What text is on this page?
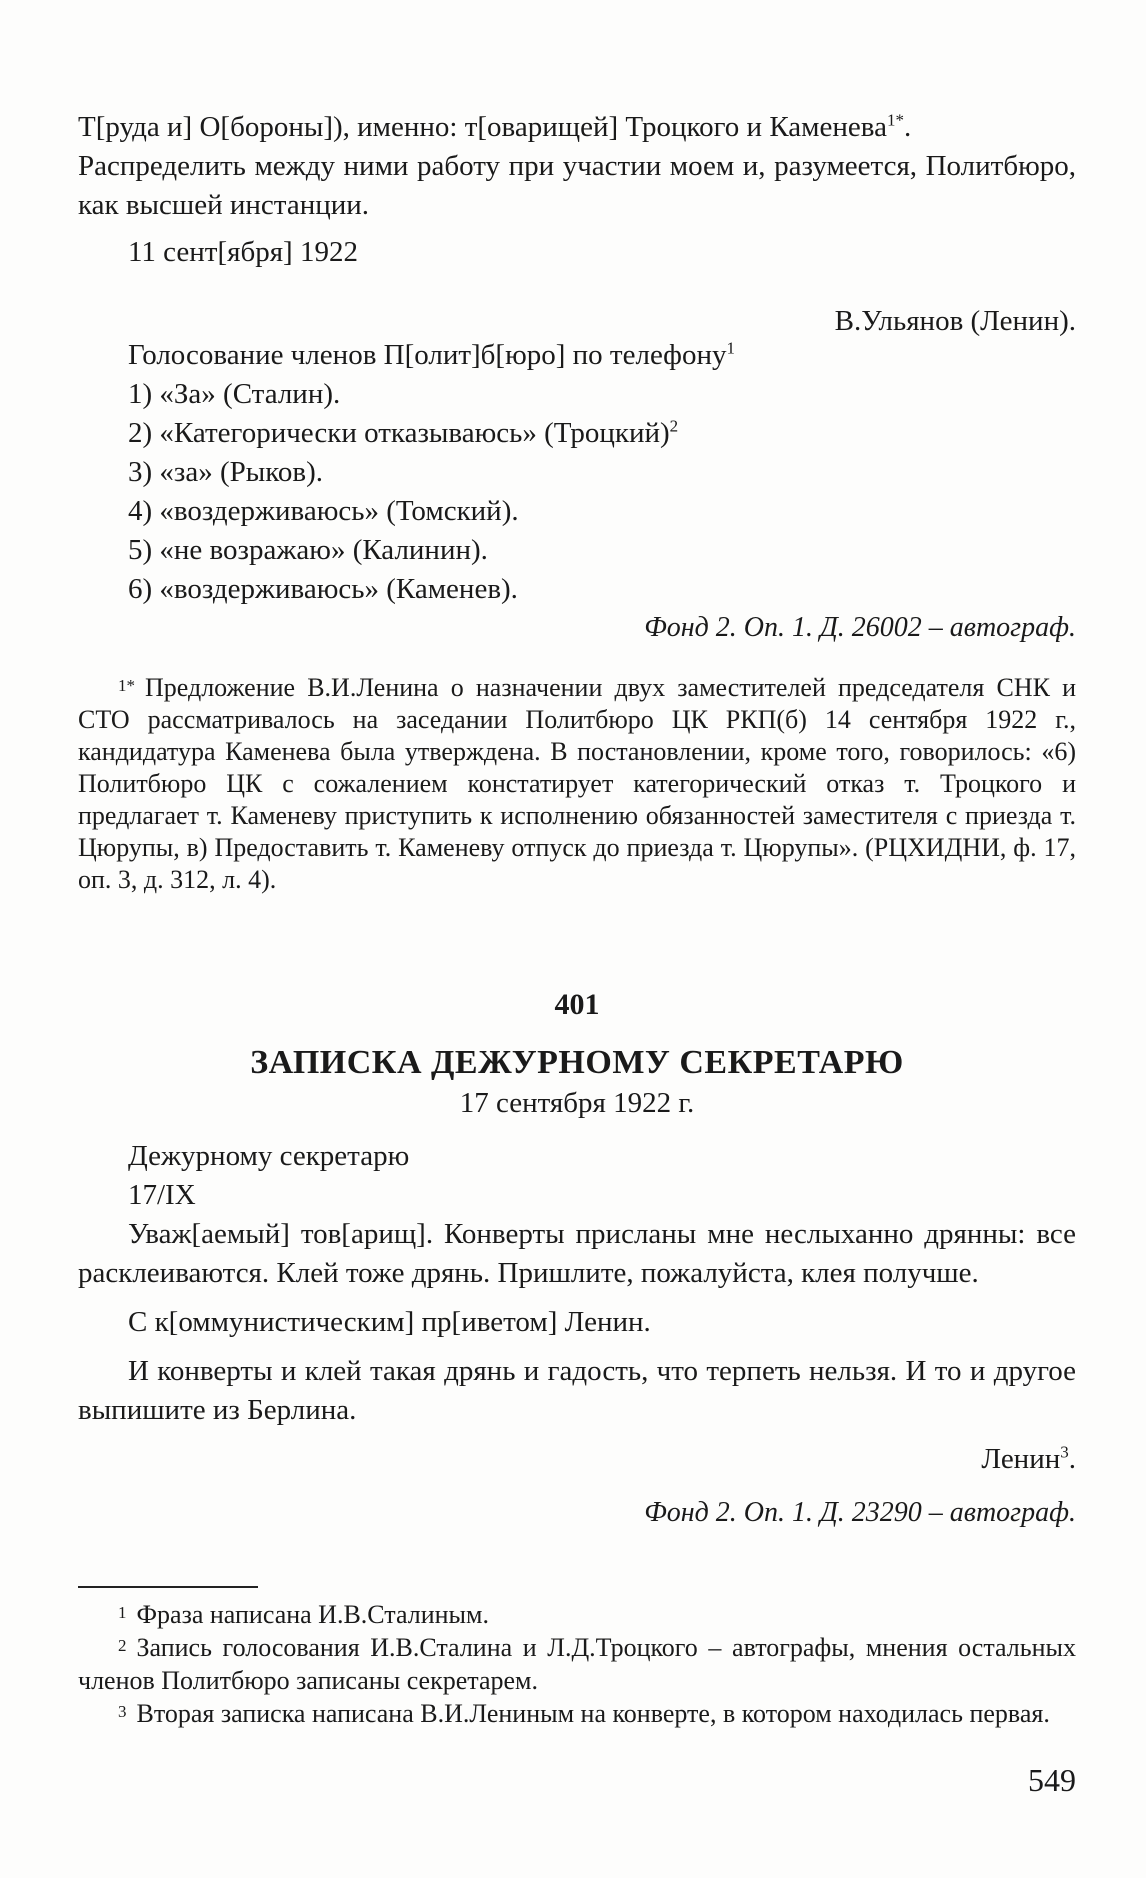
Т[руда и] О[бороны]), именно: т[оварищей] Троцкого и Каменева$^{1*}$.

Распределить между ними работу при участии моем и, разумеется, Политбюро, как высшей инстанции.

11 сент[ября] 1922

В.Ульянов (Ленин).

Голосование членов П[олит]б[юро] по телефону$^1$

1) «За» (Сталин).

2) «Категорически отказываюсь» (Троцкий)$^2$

3) «за» (Рыков).

4) «воздерживаюсь» (Томский).

5) «не возражаю» (Калинин).

6) «воздерживаюсь» (Каменев).

Фонд 2. Оп. 1. Д. 26002 – автограф.

1* Предложение В.И.Ленина о назначении двух заместителей председателя СНК и СТО рассматривалось на заседании Политбюро ЦК РКП(б) 14 сентября 1922 г., кандидатура Каменева была утверждена. В постановлении, кроме того, говорилось: «6) Политбюро ЦК с сожалением констатирует категорический отказ т. Троцкого и предлагает т. Каменеву приступить к исполнению обязанностей заместителя с приезда т. Цюрупы, в) Предоставить т. Каменеву отпуск до приезда т. Цюрупы». (РЦХИДНИ, ф. 17, оп. 3, д. 312, л. 4).

401

ЗАПИСКА ДЕЖУРНОМУ СЕКРЕТАРЮ

17 сентября 1922 г.

Дежурному секретарю

17/IX

Уваж[аемый] тов[арищ]. Конверты присланы мне неслыханно дрянны: все расклеиваются. Клей тоже дрянь. Пришлите, пожалуйста, клея получше.

С к[оммунистическим] пр[иветом] Ленин.

И конверты и клей такая дрянь и гадость, что терпеть нельзя. И то и другое выпишите из Берлина.

Ленин$^3$.

Фонд 2. Оп. 1. Д. 23290 – автограф.

1 Фраза написана И.В.Сталиным.

2 Запись голосования И.В.Сталина и Л.Д.Троцкого – автографы, мнения остальных членов Политбюро записаны секретарем.

3 Вторая записка написана В.И.Лениным на конверте, в котором находилась первая.

549
